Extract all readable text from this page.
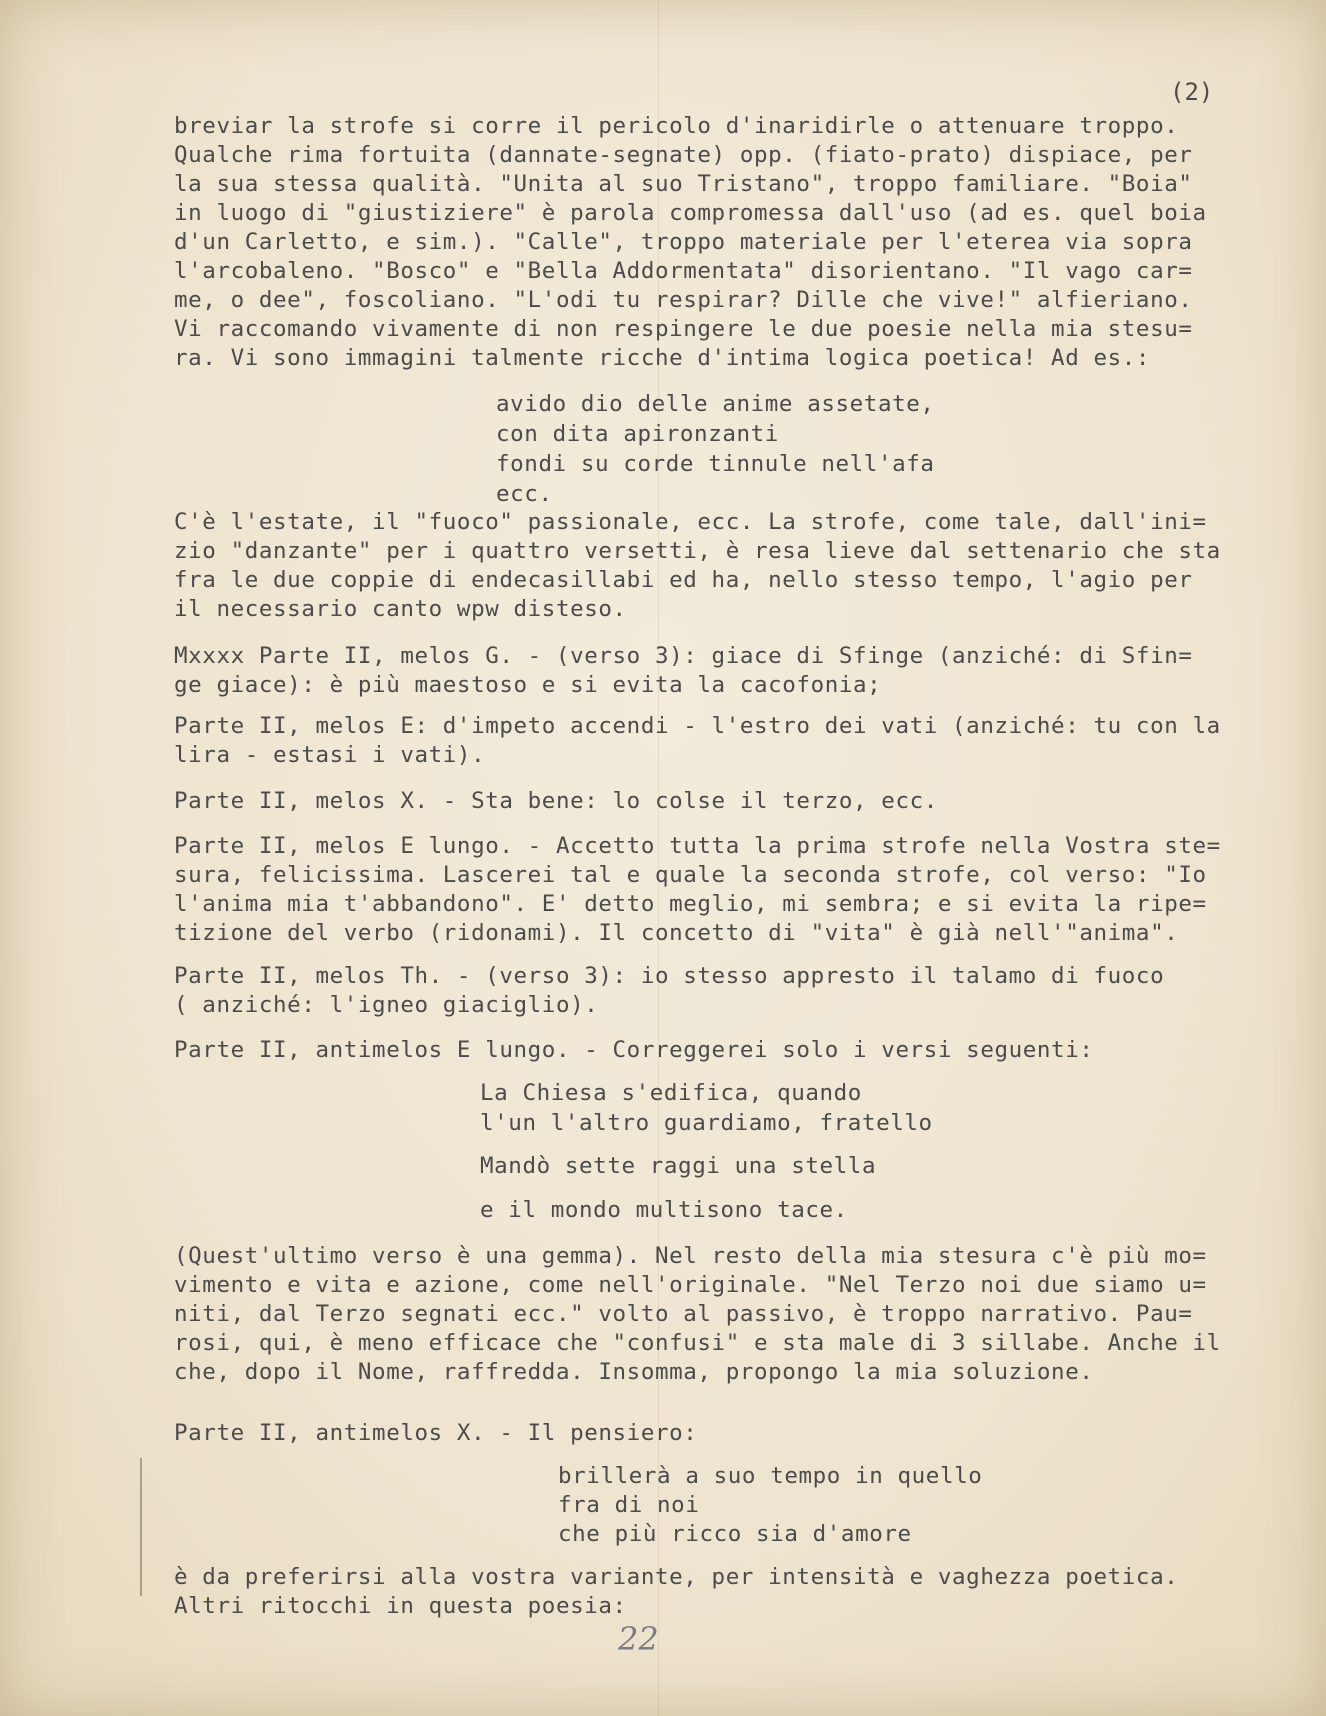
(2)
breviar la strofe si corre il pericolo d'inaridirle o attenuare troppo.
Qualche rima fortuita (dannate-segnate) opp. (fiato-prato) dispiace, per
la sua stessa qualità. "Unita al suo Tristano", troppo familiare. "Boia"
in luogo di "giustiziere" è parola compromessa dall'uso (ad es. quel boia
d'un Carletto, e sim.). "Calle", troppo materiale per l'eterea via sopra
l'arcobaleno. "Bosco" e "Bella Addormentata" disorientano. "Il vago car=
me, o dee", foscoliano. "L'odi tu respirar? Dille che vive!" alfieriano.
Vi raccomando vivamente di non respingere le due poesie nella mia stesu=
ra. Vi sono immagini talmente ricche d'intima logica poetica! Ad es.:
avido dio delle anime assetate,
con dita apironzanti
fondi su corde tinnule nell'afa
ecc.
C'è l'estate, il "fuoco" passionale, ecc. La strofe, come tale, dall'ini=
zio "danzante" per i quattro versetti, è resa lieve dal settenario che sta
fra le due coppie di endecasillabi ed ha, nello stesso tempo, l'agio per
il necessario canto wpw disteso.
Mxxxx Parte II, melos G. - (verso 3): giace di Sfinge (anziché: di Sfin=
ge giace): è più maestoso e si evita la cacofonia;
Parte II, melos E: d'impeto accendi - l'estro dei vati (anziché: tu con la
lira - estasi i vati).
Parte II, melos X. - Sta bene: lo colse il terzo, ecc.
Parte II, melos E lungo. - Accetto tutta la prima strofe nella Vostra ste=
sura, felicissima. Lascerei tal e quale la seconda strofe, col verso: "Io
l'anima mia t'abbandono". E' detto meglio, mi sembra; e si evita la ripe=
tizione del verbo (ridonami). Il concetto di "vita" è già nell'"anima".
Parte II, melos Th. - (verso 3): io stesso appresto il talamo di fuoco
( anziché: l'igneo giaciglio).
Parte II, antimelos E lungo. - Correggerei solo i versi seguenti:
La Chiesa s'edifica, quando
l'un l'altro guardiamo, fratello
Mandò sette raggi una stella
e il mondo multisono tace.
(Quest'ultimo verso è una gemma). Nel resto della mia stesura c'è più mo=
vimento e vita e azione, come nell'originale. "Nel Terzo noi due siamo u=
niti, dal Terzo segnati ecc." volto al passivo, è troppo narrativo. Pau=
rosi, qui, è meno efficace che "confusi" e sta male di 3 sillabe. Anche il
che, dopo il Nome, raffredda. Insomma, propongo la mia soluzione.
Parte II, antimelos X. - Il pensiero:
brillerà a suo tempo in quello
fra di noi
che più ricco sia d'amore
è da preferirsi alla vostra variante, per intensità e vaghezza poetica.
Altri ritocchi in questa poesia:
22
